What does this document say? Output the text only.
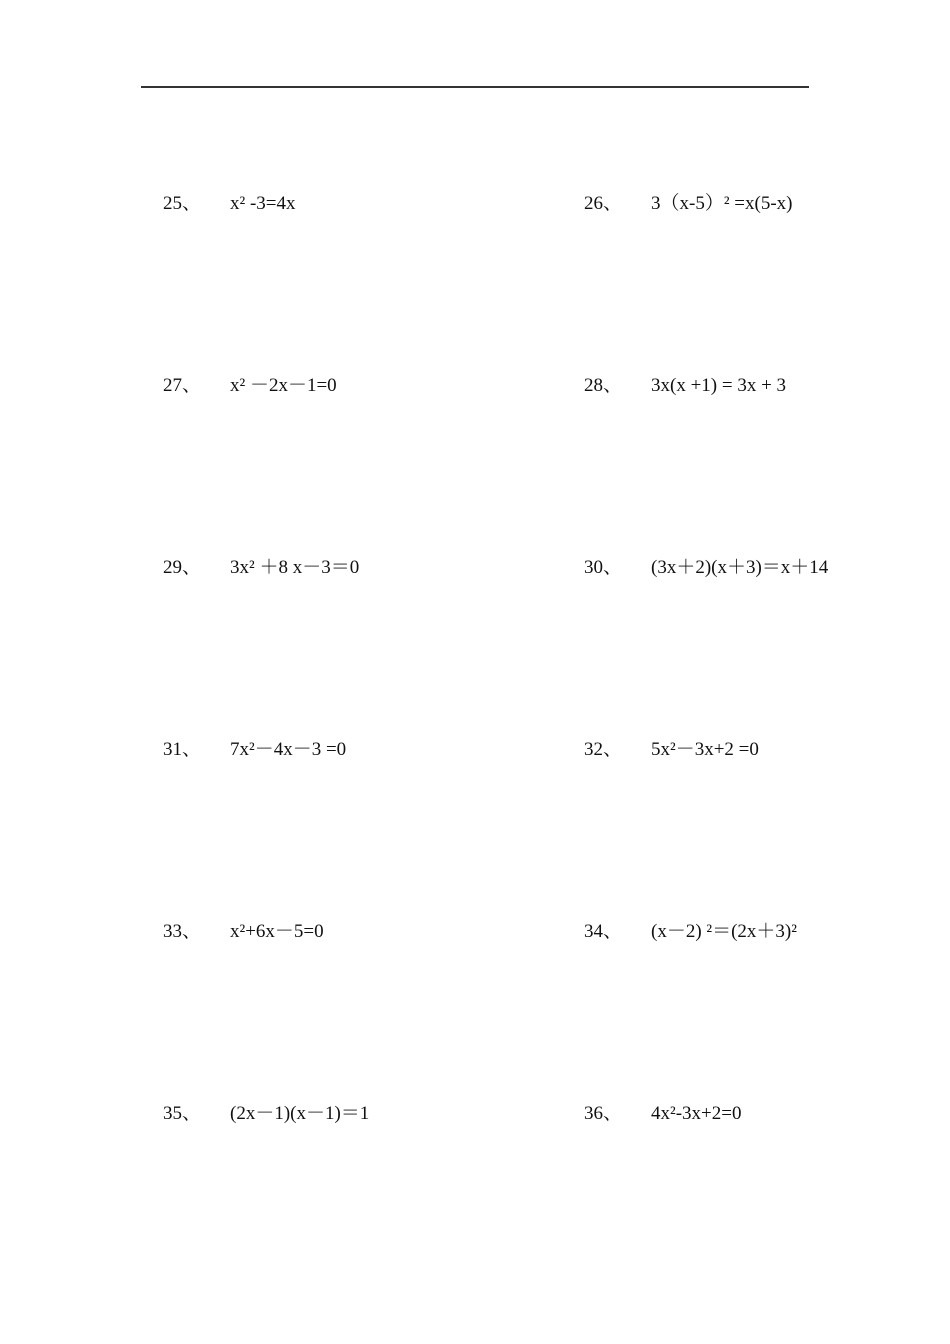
25、 x² -3=4x	26、 3（x-5）² =x(5-x)
27、 x² －2x－1=0	28、 3x(x +1) = 3x + 3
29、 3x² ＋8 x－3＝0	30、 (3x＋2)(x＋3)＝x＋14
31、 7x²－4x－3 =0	32、 5x²－3x+2 =0
33、 x²+6x－5=0	34、 (x－2) ²＝(2x＋3)²
35、 (2x－1)(x－1)＝1	36、 4x²-3x+2=0
